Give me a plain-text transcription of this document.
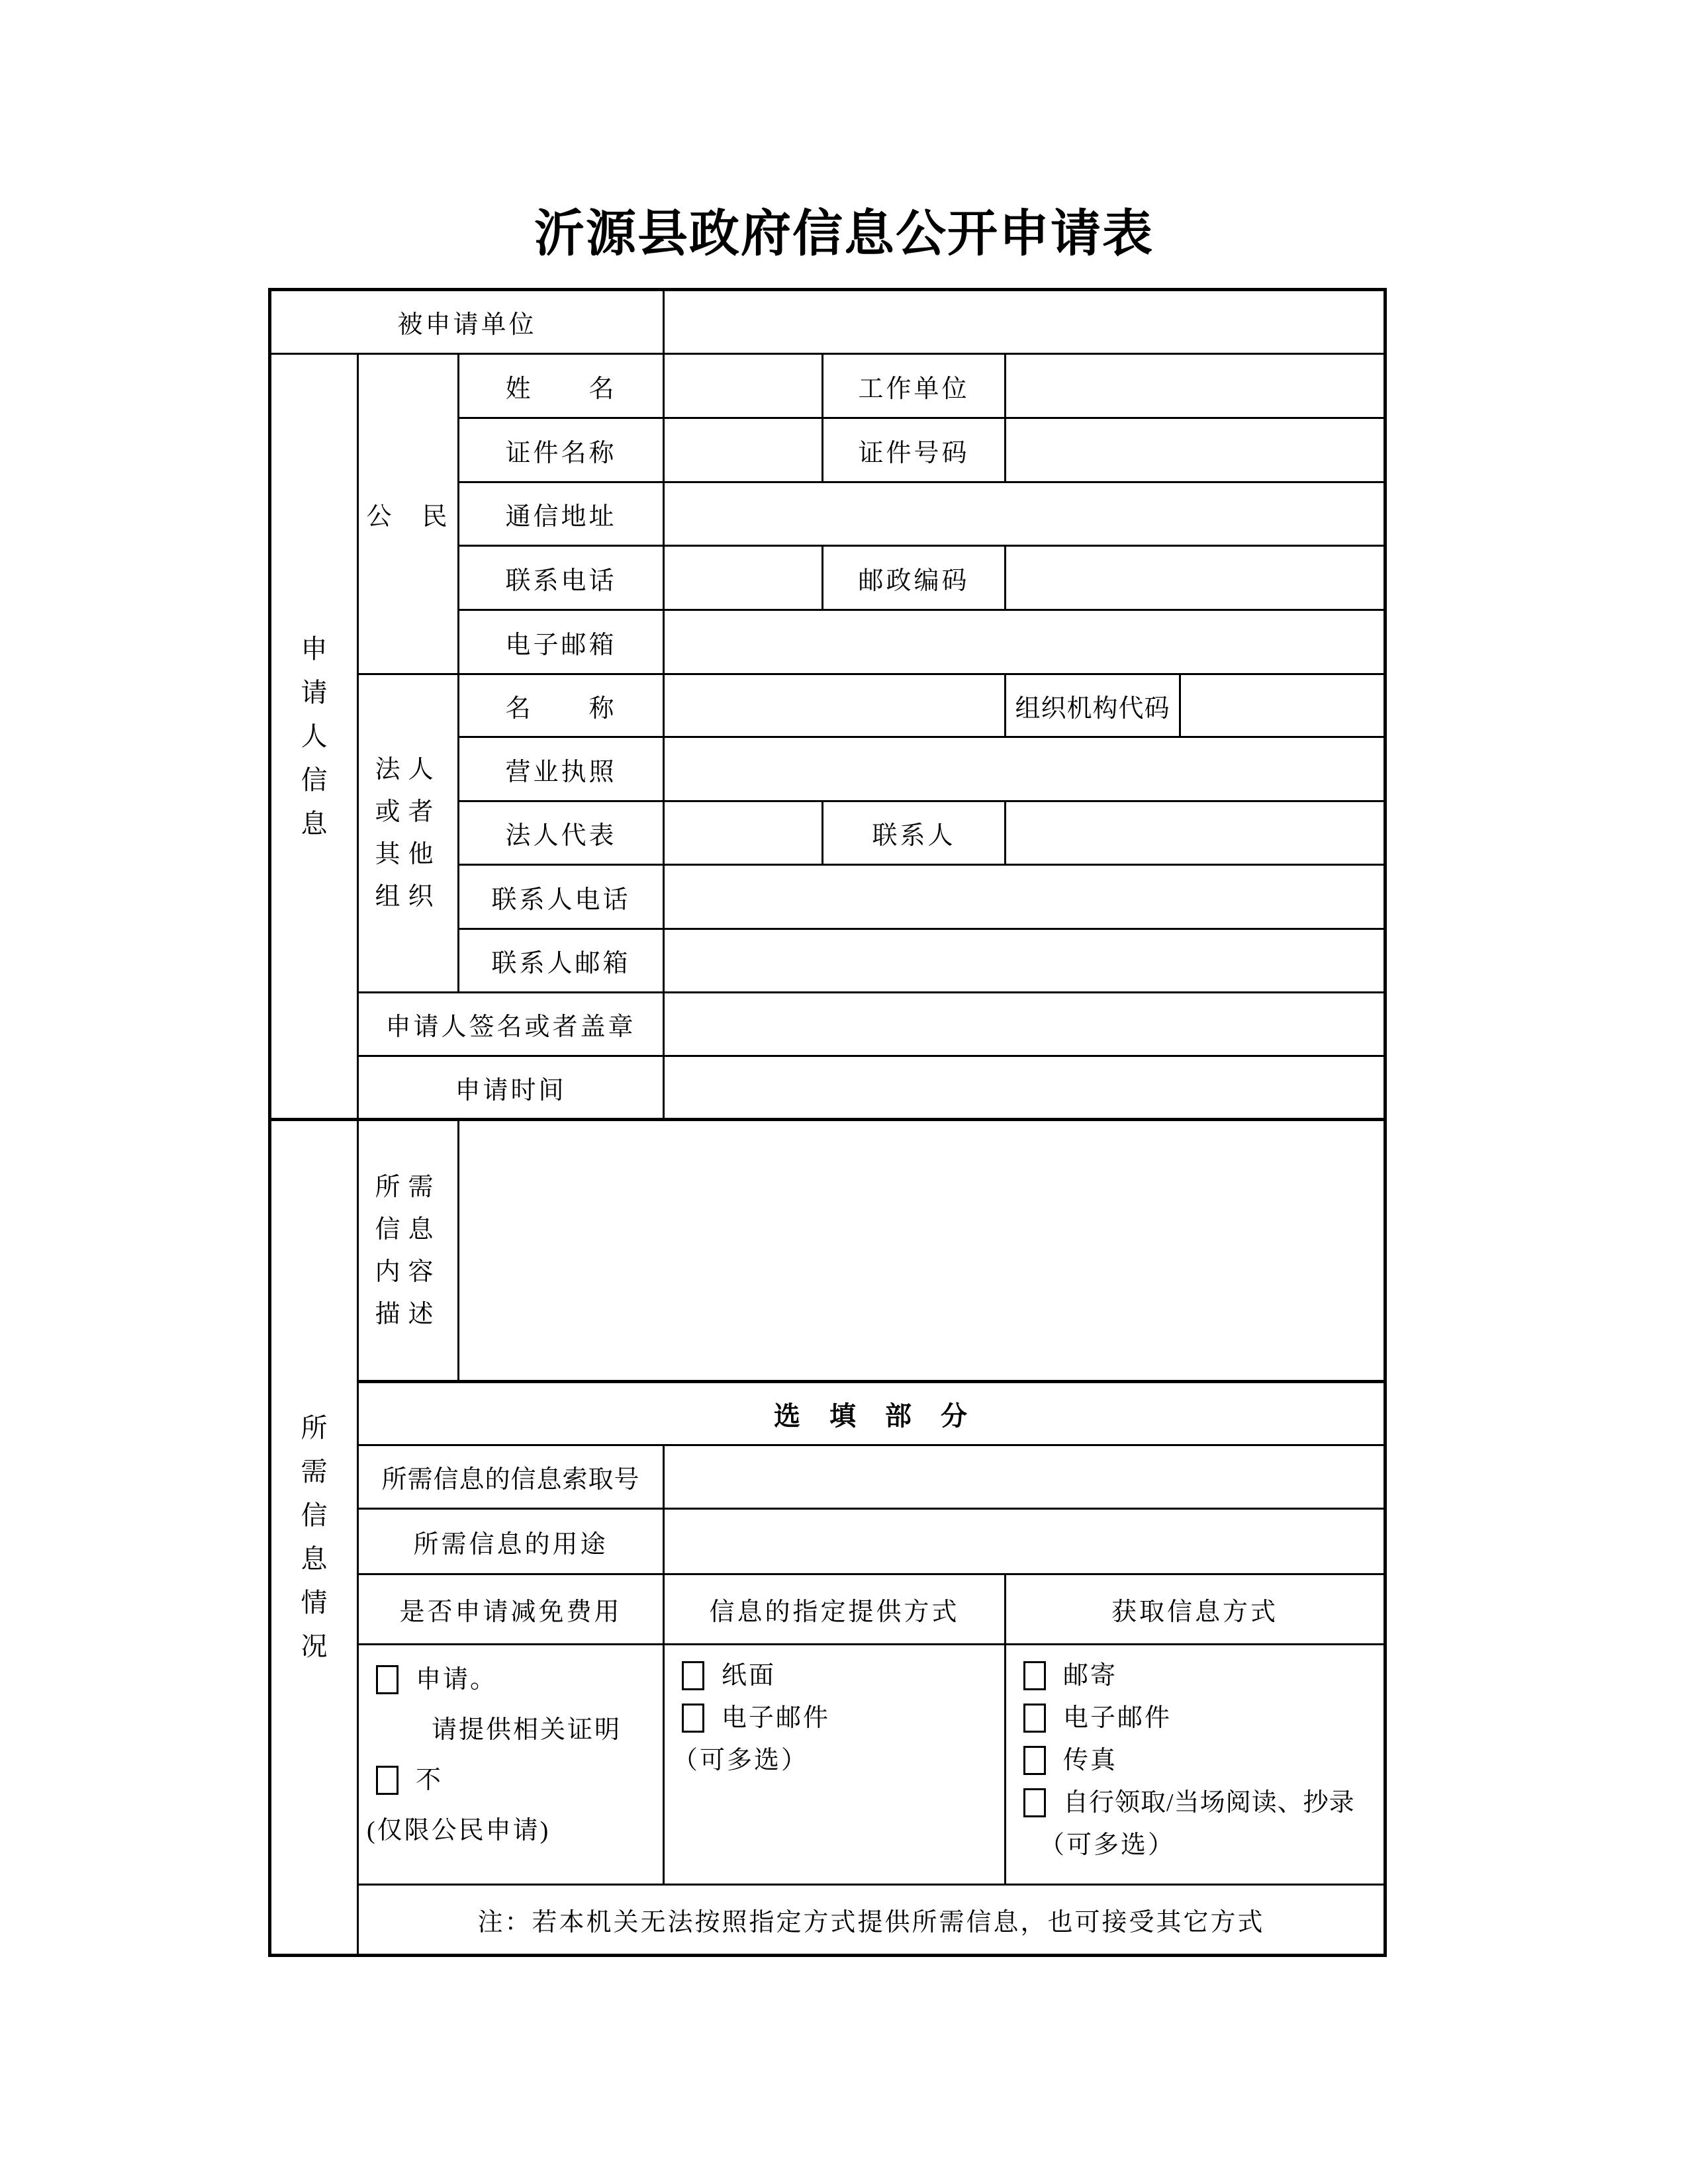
沂源县政府信息公开申请表
被申请单位						

申
请
人
信
息	公　民	姓　　名		工作单位		
		证件名称		证件号码		
		通信地址				
		联系电话		邮政编码		
		电子邮箱				

	法人
或者
其他
组织	名　　称			组织机构代码	
		营业执照				
		法人代表		联系人		
		联系人电话				
		联系人邮箱				
	申请人签名或者盖章					
	申请时间					

所
需
信
息
情
况

所需
信息
内容
描述

	选　填　部　分					
	所需信息的信息索取号					
	所需信息的用途					
	是否申请减免费用		信息的指定提供方式		获取信息方式	

申请。
请提供相关证明
不
(仅限公民申请)

纸面
电子邮件
（可多选）

邮寄
电子邮件
传真
自行领取/当场阅读、抄录
（可多选）

	注：若本机关无法按照指定方式提供所需信息，也可接受其它方式					
